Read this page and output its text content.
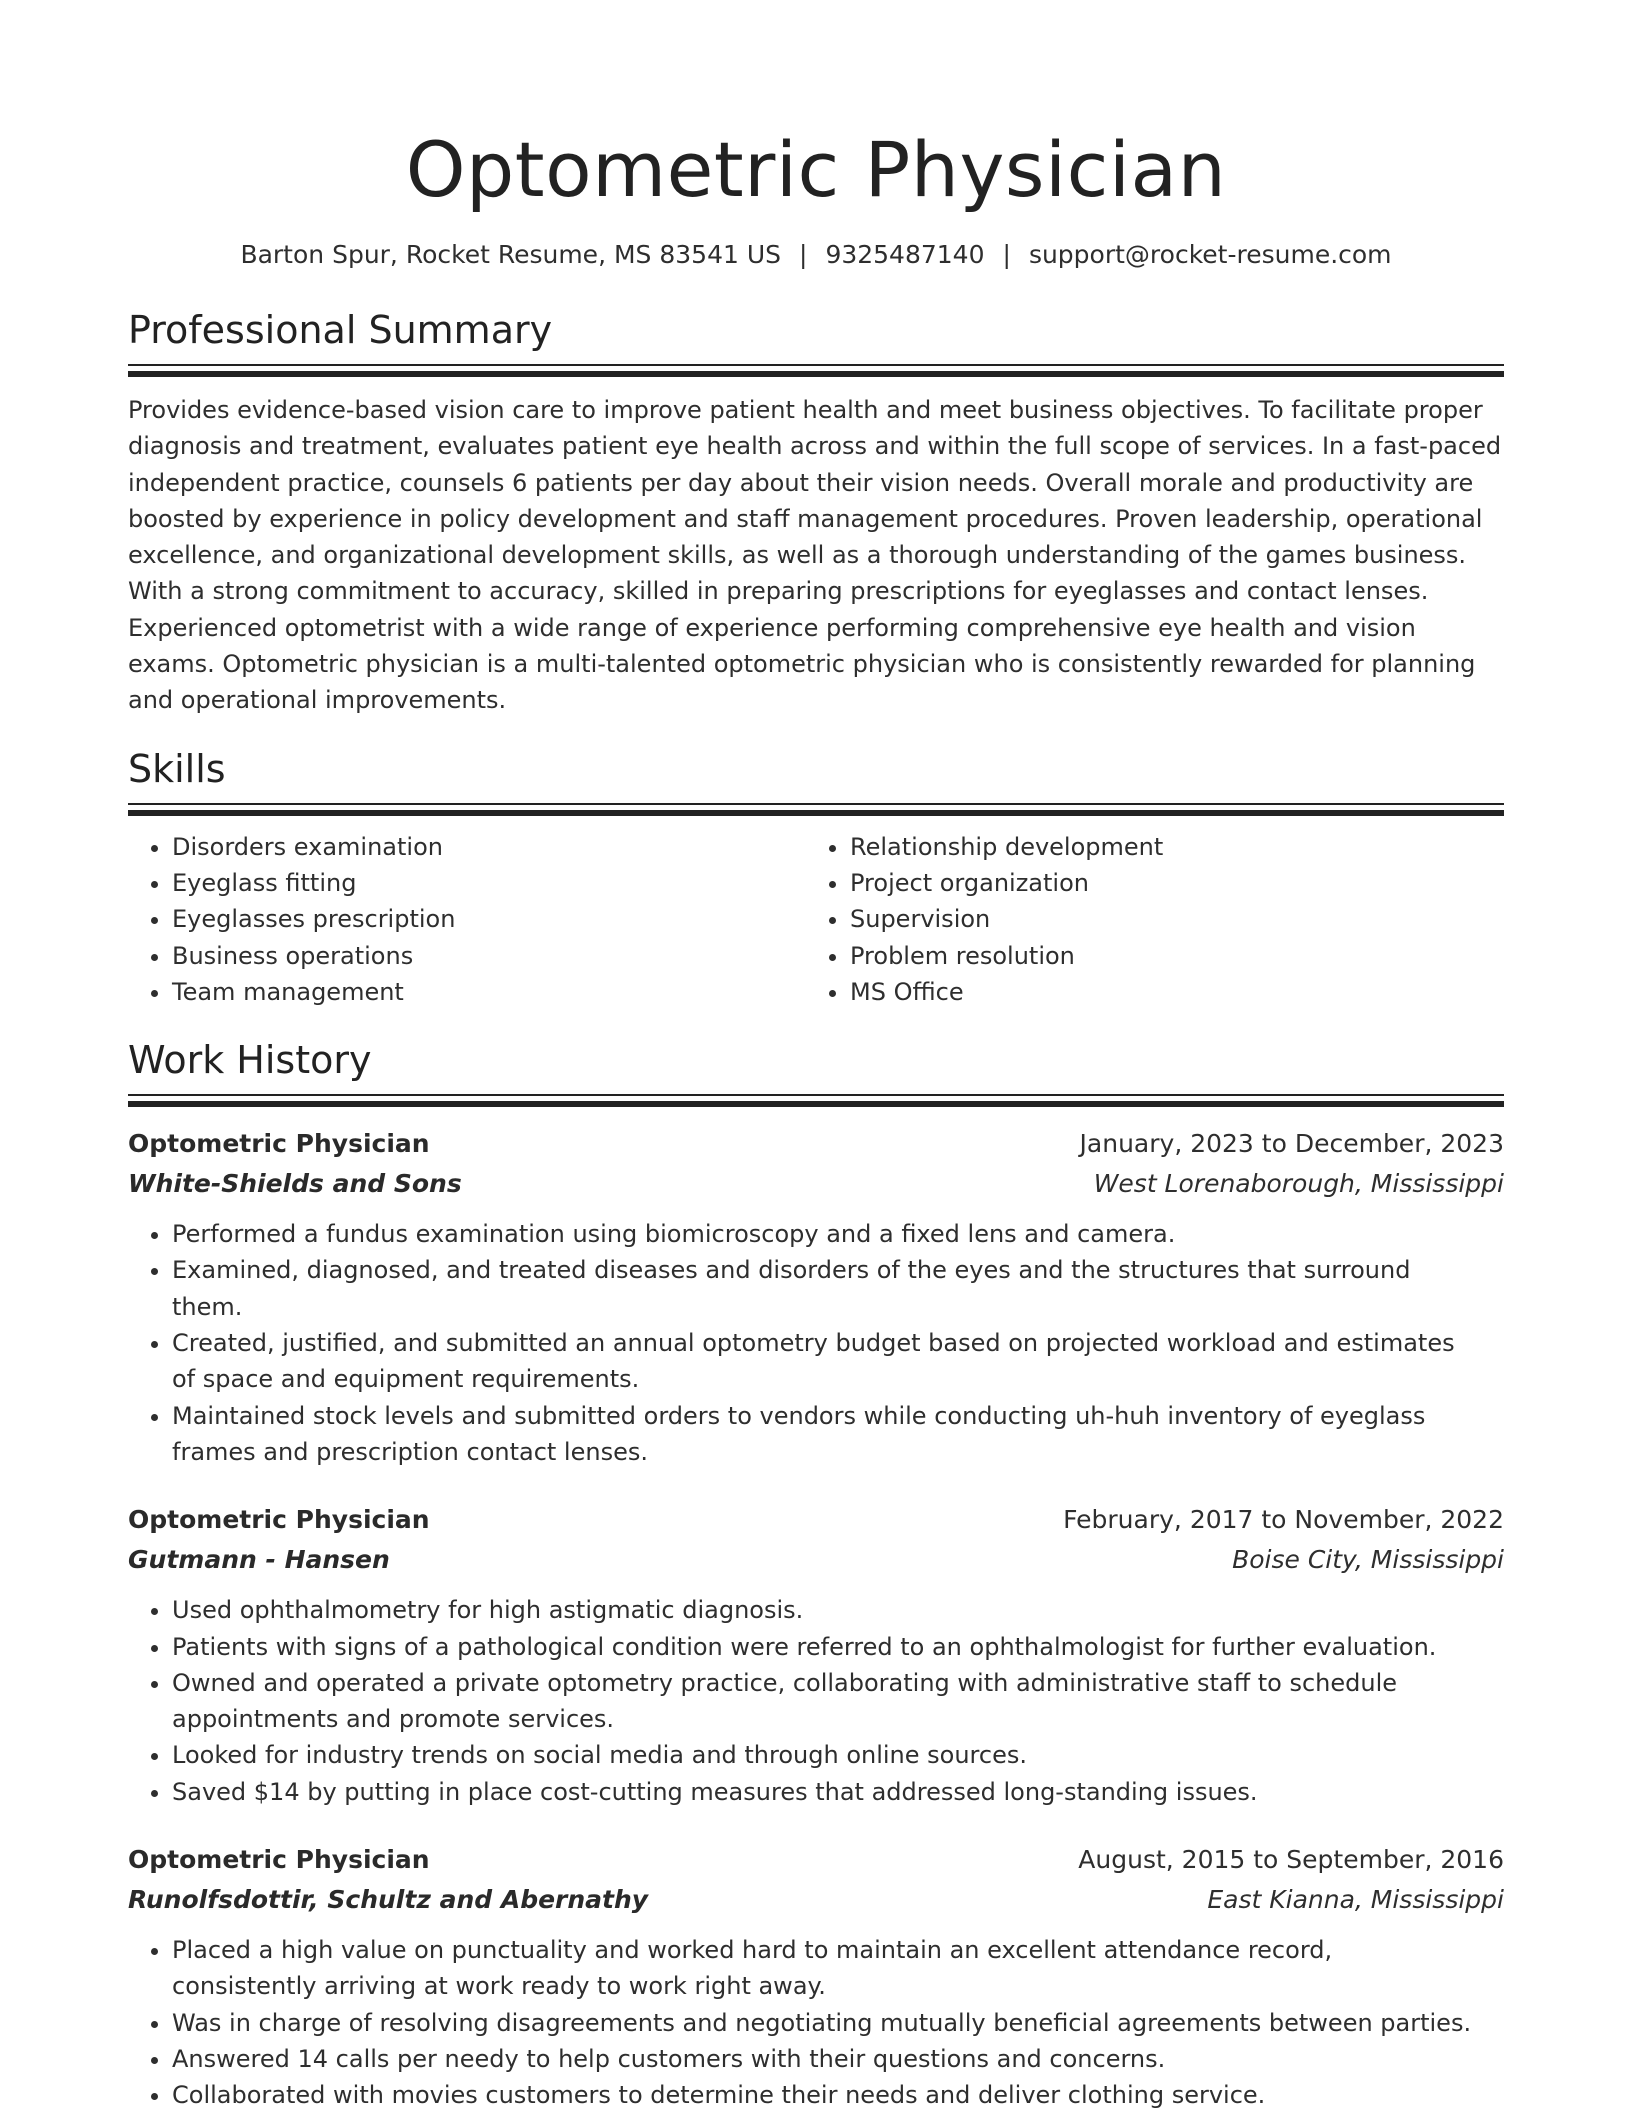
Optometric Physician
Barton Spur, Rocket Resume, MS 83541 US | 9325487140 | support@rocket-resume.com
Professional Summary

Provides evidence-based vision care to improve patient health and meet business objectives. To facilitate proper diagnosis and treatment, evaluates patient eye health across and within the full scope of services. In a fast-paced independent practice, counsels 6 patients per day about their vision needs. Overall morale and productivity are boosted by experience in policy development and staff management procedures. Proven leadership, operational excellence, and organizational development skills, as well as a thorough understanding of the games business. With a strong commitment to accuracy, skilled in preparing prescriptions for eyeglasses and contact lenses. Experienced optometrist with a wide range of experience performing comprehensive eye health and vision exams. Optometric physician is a multi-talented optometric physician who is consistently rewarded for planning and operational improvements.

Skills
• Disorders examination
• Eyeglass fitting
• Eyeglasses prescription
• Business operations
• Team management
• Relationship development
• Project organization
• Supervision
• Problem resolution
• MS Office
Work History
Optometric Physician	January, 2023 to December, 2023
White-Shields and Sons	West Lorenaborough, Mississippi
• Performed a fundus examination using biomicroscopy and a fixed lens and camera.
• Examined, diagnosed, and treated diseases and disorders of the eyes and the structures that surround them.
• Created, justified, and submitted an annual optometry budget based on projected workload and estimates of space and equipment requirements.
• Maintained stock levels and submitted orders to vendors while conducting uh-huh inventory of eyeglass frames and prescription contact lenses.
Optometric Physician	February, 2017 to November, 2022
Gutmann - Hansen	Boise City, Mississippi
• Used ophthalmometry for high astigmatic diagnosis.
• Patients with signs of a pathological condition were referred to an ophthalmologist for further evaluation.
• Owned and operated a private optometry practice, collaborating with administrative staff to schedule appointments and promote services.
• Looked for industry trends on social media and through online sources.
• Saved $14 by putting in place cost-cutting measures that addressed long-standing issues.
Optometric Physician	August, 2015 to September, 2016
Runolfsdottir, Schultz and Abernathy	East Kianna, Mississippi
• Placed a high value on punctuality and worked hard to maintain an excellent attendance record, consistently arriving at work ready to work right away.
• Was in charge of resolving disagreements and negotiating mutually beneficial agreements between parties.
• Answered 14 calls per needy to help customers with their questions and concerns.
• Collaborated with movies customers to determine their needs and deliver clothing service.
